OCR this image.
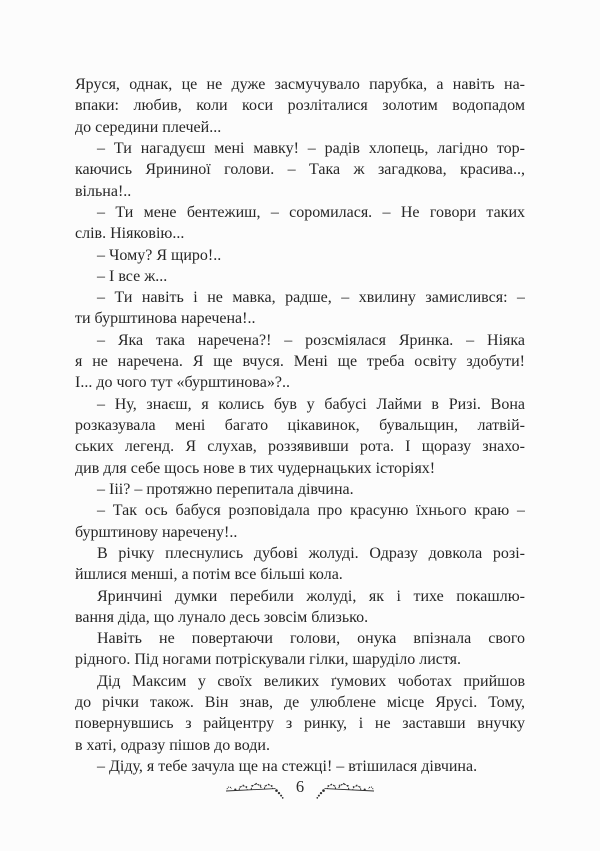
Яруся, однак, це не дуже засмучувало парубка, а навіть на-
впаки: любив, коли коси розліталися золотим водопадом
до середини плечей...
– Ти нагадуєш мені мавку! – радів хлопець, лагідно тор-
каючись Ярининої голови. – Така ж загадкова, красива..,
вільна!..
– Ти мене бентежиш, – соромилася. – Не говори таких
слів. Ніяковію...
– Чому? Я щиро!..
– І все ж...
– Ти навіть і не мавка, радше, – хвилину замислився: –
ти бурштинова наречена!..
– Яка така наречена?! – розсміялася Яринка. – Ніяка
я не наречена. Я ще вчуся. Мені ще треба освіту здобути!
І... до чого тут «бурштинова»?..
– Ну, знаєш, я колись був у бабусі Лайми в Ризі. Вона
розказувала мені багато цікавинок, бувальщин, латвій-
ських легенд. Я слухав, роззявивши рота. І щоразу знахо-
див для себе щось нове в тих чудернацьких історіях!
– Ііі? – протяжно перепитала дівчина.
– Так ось бабуся розповідала про красуню їхнього краю –
бурштинову наречену!..
В річку плеснулись дубові жолуді. Одразу довкола розі-
йшлися менші, а потім все більші кола.
Яринчині думки перебили жолуді, як і тихе покашлю-
вання діда, що лунало десь зовсім близько.
Навіть не повертаючи голови, онука впізнала свого
рідного. Під ногами потріскували гілки, шаруділо листя.
Дід Максим у своїх великих ґумових чоботах прийшов
до річки також. Він знав, де улюблене місце Ярусі. Тому,
повернувшись з райцентру з ринку, і не заставши внучку
в хаті, одразу пішов до води.
– Діду, я тебе зачула ще на стежці! – втішилася дівчина.
6
